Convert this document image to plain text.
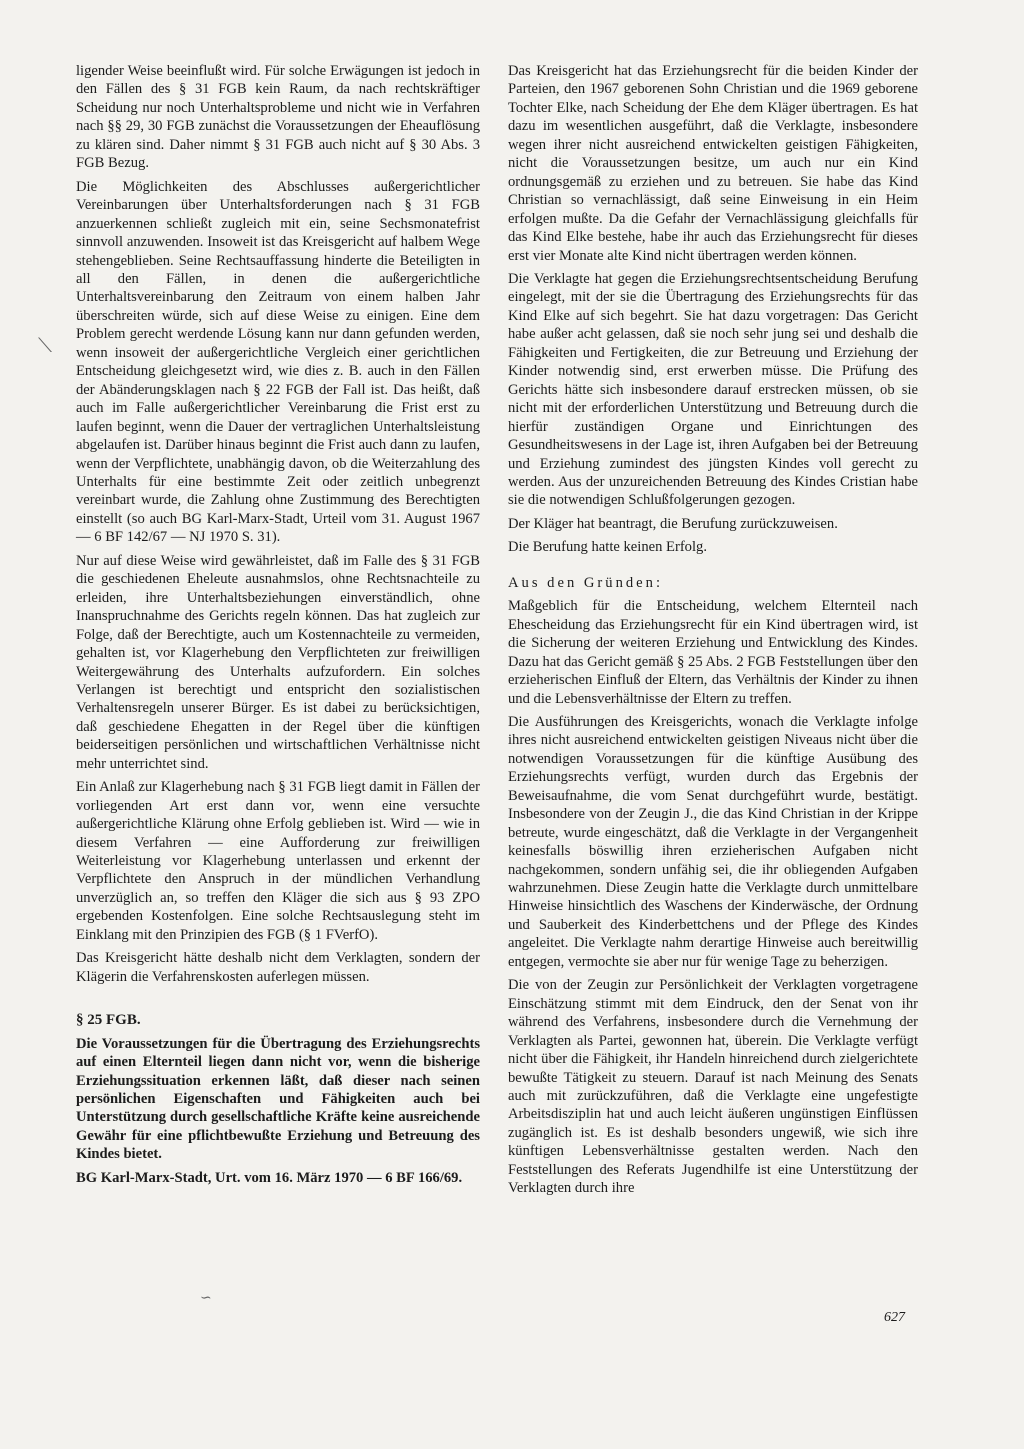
ligender Weise beeinflußt wird. Für solche Erwägungen ist jedoch in den Fällen des § 31 FGB kein Raum, da nach rechtskräftiger Scheidung nur noch Unterhaltsprobleme und nicht wie in Verfahren nach §§ 29, 30 FGB zunächst die Voraussetzungen der Eheauflösung zu klären sind. Daher nimmt § 31 FGB auch nicht auf § 30 Abs. 3 FGB Bezug.

Die Möglichkeiten des Abschlusses außergerichtlicher Vereinbarungen über Unterhaltsforderungen nach § 31 FGB anzuerkennen schließt zugleich mit ein, seine Sechsmonatefrist sinnvoll anzuwenden. Insoweit ist das Kreisgericht auf halbem Wege stehengeblieben. Seine Rechtsauffassung hinderte die Beteiligten in all den Fällen, in denen die außergerichtliche Unterhaltsvereinbarung den Zeitraum von einem halben Jahr überschreiten würde, sich auf diese Weise zu einigen. Eine dem Problem gerecht werdende Lösung kann nur dann gefunden werden, wenn insoweit der außergerichtliche Vergleich einer gerichtlichen Entscheidung gleichgesetzt wird, wie dies z. B. auch in den Fällen der Abänderungsklagen nach § 22 FGB der Fall ist. Das heißt, daß auch im Falle außergerichtlicher Vereinbarung die Frist erst zu laufen beginnt, wenn die Dauer der vertraglichen Unterhaltsleistung abgelaufen ist. Darüber hinaus beginnt die Frist auch dann zu laufen, wenn der Verpflichtete, unabhängig davon, ob die Weiterzahlung des Unterhalts für eine bestimmte Zeit oder zeitlich unbegrenzt vereinbart wurde, die Zahlung ohne Zustimmung des Berechtigten einstellt (so auch BG Karl-Marx-Stadt, Urteil vom 31. August 1967 — 6 BF 142/67 — NJ 1970 S. 31).

Nur auf diese Weise wird gewährleistet, daß im Falle des § 31 FGB die geschiedenen Eheleute ausnahmslos, ohne Rechtsnachteile zu erleiden, ihre Unterhaltsbeziehungen einverständlich, ohne Inanspruchnahme des Gerichts regeln können. Das hat zugleich zur Folge, daß der Berechtigte, auch um Kostennachteile zu vermeiden, gehalten ist, vor Klagerhebung den Verpflichteten zur freiwilligen Weitergewährung des Unterhalts aufzufordern. Ein solches Verlangen ist berechtigt und entspricht den sozialistischen Verhaltensregeln unserer Bürger. Es ist dabei zu berücksichtigen, daß geschiedene Ehegatten in der Regel über die künftigen beiderseitigen persönlichen und wirtschaftlichen Verhältnisse nicht mehr unterrichtet sind.

Ein Anlaß zur Klagerhebung nach § 31 FGB liegt damit in Fällen der vorliegenden Art erst dann vor, wenn eine versuchte außergerichtliche Klärung ohne Erfolg geblieben ist. Wird — wie in diesem Verfahren — eine Aufforderung zur freiwilligen Weiterleistung vor Klagerhebung unterlassen und erkennt der Verpflichtete den Anspruch in der mündlichen Verhandlung unverzüglich an, so treffen den Kläger die sich aus § 93 ZPO ergebenden Kostenfolgen. Eine solche Rechtsauslegung steht im Einklang mit den Prinzipien des FGB (§ 1 FVerfO).

Das Kreisgericht hätte deshalb nicht dem Verklagten, sondern der Klägerin die Verfahrenskosten auferlegen müssen.

§ 25 FGB.

Die Voraussetzungen für die Übertragung des Erziehungsrechts auf einen Elternteil liegen dann nicht vor, wenn die bisherige Erziehungssituation erkennen läßt, daß dieser nach seinen persönlichen Eigenschaften und Fähigkeiten auch bei Unterstützung durch gesellschaftliche Kräfte keine ausreichende Gewähr für eine pflichtbewußte Erziehung und Betreuung des Kindes bietet.

BG Karl-Marx-Stadt, Urt. vom 16. März 1970 — 6 BF 166/69.

Das Kreisgericht hat das Erziehungsrecht für die beiden Kinder der Parteien, den 1967 geborenen Sohn Christian und die 1969 geborene Tochter Elke, nach Scheidung der Ehe dem Kläger übertragen. Es hat dazu im wesentlichen ausgeführt, daß die Verklagte, insbesondere wegen ihrer nicht ausreichend entwickelten geistigen Fähigkeiten, nicht die Voraussetzungen besitze, um auch nur ein Kind ordnungsgemäß zu erziehen und zu betreuen. Sie habe das Kind Christian so vernachlässigt, daß seine Einweisung in ein Heim erfolgen mußte. Da die Gefahr der Vernachlässigung gleichfalls für das Kind Elke bestehe, habe ihr auch das Erziehungsrecht für dieses erst vier Monate alte Kind nicht übertragen werden können.

Die Verklagte hat gegen die Erziehungsrechtsentscheidung Berufung eingelegt, mit der sie die Übertragung des Erziehungsrechts für das Kind Elke auf sich begehrt. Sie hat dazu vorgetragen: Das Gericht habe außer acht gelassen, daß sie noch sehr jung sei und deshalb die Fähigkeiten und Fertigkeiten, die zur Betreuung und Erziehung der Kinder notwendig sind, erst erwerben müsse. Die Prüfung des Gerichts hätte sich insbesondere darauf erstrecken müssen, ob sie nicht mit der erforderlichen Unterstützung und Betreuung durch die hierfür zuständigen Organe und Einrichtungen des Gesundheitswesens in der Lage ist, ihren Aufgaben bei der Betreuung und Erziehung zumindest des jüngsten Kindes voll gerecht zu werden. Aus der unzureichenden Betreuung des Kindes Cristian habe sie die notwendigen Schlußfolgerungen gezogen.

Der Kläger hat beantragt, die Berufung zurückzuweisen.

Die Berufung hatte keinen Erfolg.

Aus den Gründen:

Maßgeblich für die Entscheidung, welchem Elternteil nach Ehescheidung das Erziehungsrecht für ein Kind übertragen wird, ist die Sicherung der weiteren Erziehung und Entwicklung des Kindes. Dazu hat das Gericht gemäß § 25 Abs. 2 FGB Feststellungen über den erzieherischen Einfluß der Eltern, das Verhältnis der Kinder zu ihnen und die Lebensverhältnisse der Eltern zu treffen.

Die Ausführungen des Kreisgerichts, wonach die Verklagte infolge ihres nicht ausreichend entwickelten geistigen Niveaus nicht über die notwendigen Voraussetzungen für die künftige Ausübung des Erziehungsrechts verfügt, wurden durch das Ergebnis der Beweisaufnahme, die vom Senat durchgeführt wurde, bestätigt. Insbesondere von der Zeugin J., die das Kind Christian in der Krippe betreute, wurde eingeschätzt, daß die Verklagte in der Vergangenheit keinesfalls böswillig ihren erzieherischen Aufgaben nicht nachgekommen, sondern unfähig sei, die ihr obliegenden Aufgaben wahrzunehmen. Diese Zeugin hatte die Verklagte durch unmittelbare Hinweise hinsichtlich des Waschens der Kinderwäsche, der Ordnung und Sauberkeit des Kinderbettchens und der Pflege des Kindes angeleitet. Die Verklagte nahm derartige Hinweise auch bereitwillig entgegen, vermochte sie aber nur für wenige Tage zu beherzigen.

Die von der Zeugin zur Persönlichkeit der Verklagten vorgetragene Einschätzung stimmt mit dem Eindruck, den der Senat von ihr während des Verfahrens, insbesondere durch die Vernehmung der Verklagten als Partei, gewonnen hat, überein. Die Verklagte verfügt nicht über die Fähigkeit, ihr Handeln hinreichend durch zielgerichtete bewußte Tätigkeit zu steuern. Darauf ist nach Meinung des Senats auch mit zurückzuführen, daß die Verklagte eine ungefestigte Arbeitsdisziplin hat und auch leicht äußeren ungünstigen Einflüssen zugänglich ist. Es ist deshalb besonders ungewiß, wie sich ihre künftigen Lebensverhältnisse gestalten werden. Nach den Feststellungen des Referats Jugendhilfe ist eine Unterstützung der Verklagten durch ihre

627
⟍
∽
